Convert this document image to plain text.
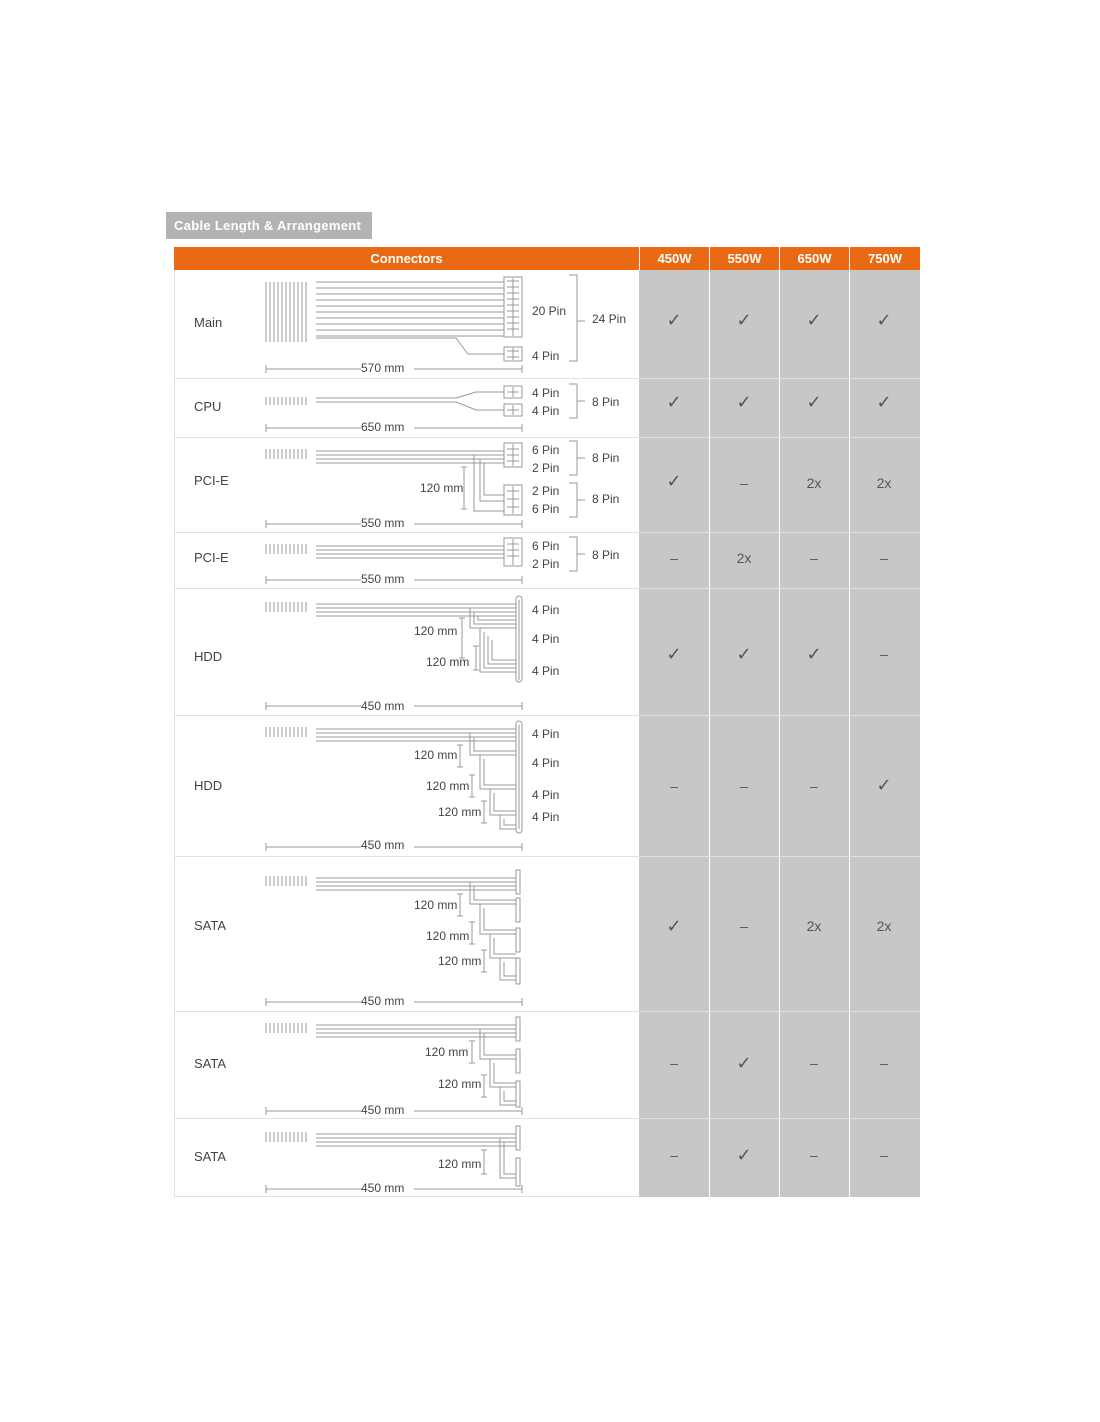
Cable Length & Arrangement
Connectors	450W	550W	650W	750W
Main
20 Pin
24 Pin
4 Pin
570 mm
✓	✓	✓	✓
CPU
4 Pin
4 Pin
8 Pin
650 mm
✓	✓	✓	✓
PCI-E
6 Pin
2 Pin
8 Pin
2 Pin
6 Pin
8 Pin
120 mm
550 mm
✓	–	2x	2x
PCI-E
6 Pin
2 Pin
8 Pin
550 mm
–	2x	–	–
HDD
4 Pin
4 Pin
4 Pin
120 mm
120 mm
450 mm
✓	✓	✓	–
HDD
4 Pin
4 Pin
4 Pin
4 Pin
120 mm
120 mm
120 mm
450 mm
–	–	–	✓
SATA
120 mm
120 mm
120 mm
450 mm
✓	–	2x	2x
SATA
120 mm
120 mm
450 mm
–	✓	–	–
SATA	120 mm
450 mm
–	✓	–	–
